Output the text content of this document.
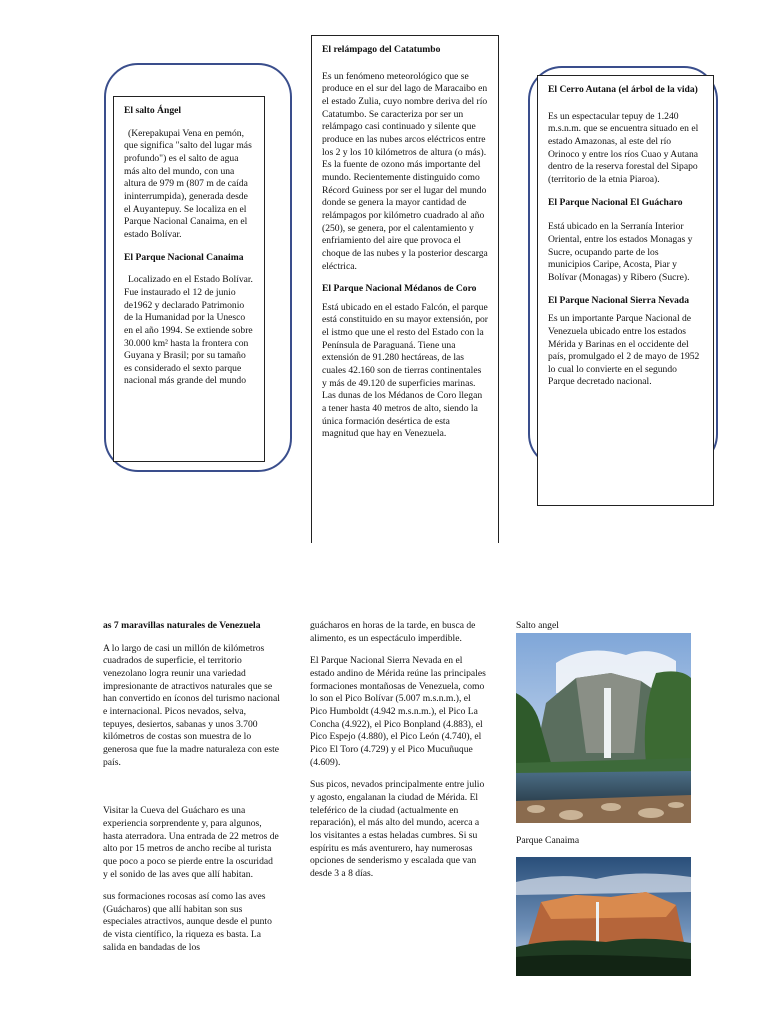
El salto Ángel

(Kerepakupai Vena en pemón, que significa "salto del lugar más profundo") es el salto de agua más alto del mundo, con una altura de 979 m (807 m de caída ininterrumpida), generada desde el Auyantepuy. Se localiza en el Parque Nacional Canaima, en el estado Bolívar.

El Parque Nacional Canaima

Localizado en el Estado Bolívar. Fue instaurado el 12 de junio de1962 y declarado Patrimonio de la Humanidad por la Unesco en el año 1994. Se extiende sobre 30.000 km² hasta la frontera con Guyana y Brasil; por su tamaño es considerado el sexto parque nacional más grande del mundo

El relámpago del Catatumbo

Es un fenómeno meteorológico que se produce en el sur del lago de Maracaibo en el estado Zulia, cuyo nombre deriva del río Catatumbo. Se caracteriza por ser un relámpago casi continuado y silente que produce en las nubes arcos eléctricos entre los 2 y los 10 kilómetros de altura (o más). Es la fuente de ozono más importante del mundo. Recientemente distinguido como Récord Guiness por ser el lugar del mundo donde se genera la mayor cantidad de relámpagos por kilómetro cuadrado al año (250), se genera, por el calentamiento y enfriamiento del aire que provoca el choque de las nubes y la posterior descarga eléctrica.

El Parque Nacional Médanos de Coro

Está ubicado en el estado Falcón, el parque está constituido en su mayor extensión, por el istmo que une el resto del Estado con la Península de Paraguaná. Tiene una extensión de 91.280 hectáreas, de las cuales 42.160 son de tierras continentales y más de 49.120 de superficies marinas. Las dunas de los Médanos de Coro llegan a tener hasta 40 metros de alto, siendo la única formación desértica de esta magnitud que hay en Venezuela.

El Cerro Autana (el árbol de la vida)

Es un espectacular tepuy de 1.240 m.s.n.m. que se encuentra situado en el estado Amazonas, al este del río Orinoco y entre los ríos Cuao y Autana dentro de la reserva forestal del Sipapo (territorio de la etnia Piaroa).

El Parque Nacional El Guácharo

Está ubicado en la Serranía Interior Oriental, entre los estados Monagas y Sucre, ocupando parte de los municipios Caripe, Acosta, Piar y Bolívar (Monagas) y Ribero (Sucre).

El Parque Nacional Sierra Nevada

Es un importante Parque Nacional de Venezuela ubicado entre los estados Mérida y Barinas en el occidente del país, promulgado el 2 de mayo de 1952 lo cual lo convierte en el segundo Parque decretado nacional.

as 7 maravillas naturales de Venezuela

A lo largo de casi un millón de kilómetros cuadrados de superficie, el territorio venezolano logra reunir una variedad impresionante de atractivos naturales que se han convertido en íconos del turismo nacional e internacional. Picos nevados, selva, tepuyes, desiertos, sabanas y unos 3.700 kilómetros de costas son muestra de lo generosa que fue la madre naturaleza con este país.

Visitar la Cueva del Guácharo es una experiencia sorprendente y, para algunos, hasta aterradora. Una entrada de 22 metros de alto por 15 metros de ancho recibe al turista que poco a poco se pierde entre la oscuridad y el sonido de las aves que allí habitan.

sus formaciones rocosas así como las aves (Guácharos) que allí habitan son sus especiales atractivos, aunque desde el punto de vista científico, la riqueza es basta. La salida en bandadas de los

guácharos en horas de la tarde, en busca de alimento, es un espectáculo imperdible.

El Parque Nacional Sierra Nevada en el estado andino de Mérida reúne las principales formaciones montañosas de Venezuela, como lo son el Pico Bolívar (5.007 m.s.n.m.), el Pico Humboldt (4.942 m.s.n.m.), el Pico La Concha (4.922), el Pico Bonpland (4.883), el Pico Espejo (4.880), el Pico León (4.740), el Pico El Toro (4.729) y el Pico Mucuñuque (4.609).

Sus picos, nevados principalmente entre julio y agosto, engalanan la ciudad de Mérida. El teleférico de la ciudad (actualmente en reparación), el más alto del mundo, acerca a los visitantes a estas heladas cumbres. Si su espíritu es más aventurero, hay numerosas opciones de senderismo y escalada que van desde 3 a 8 días.

Salto angel
Parque Canaima
